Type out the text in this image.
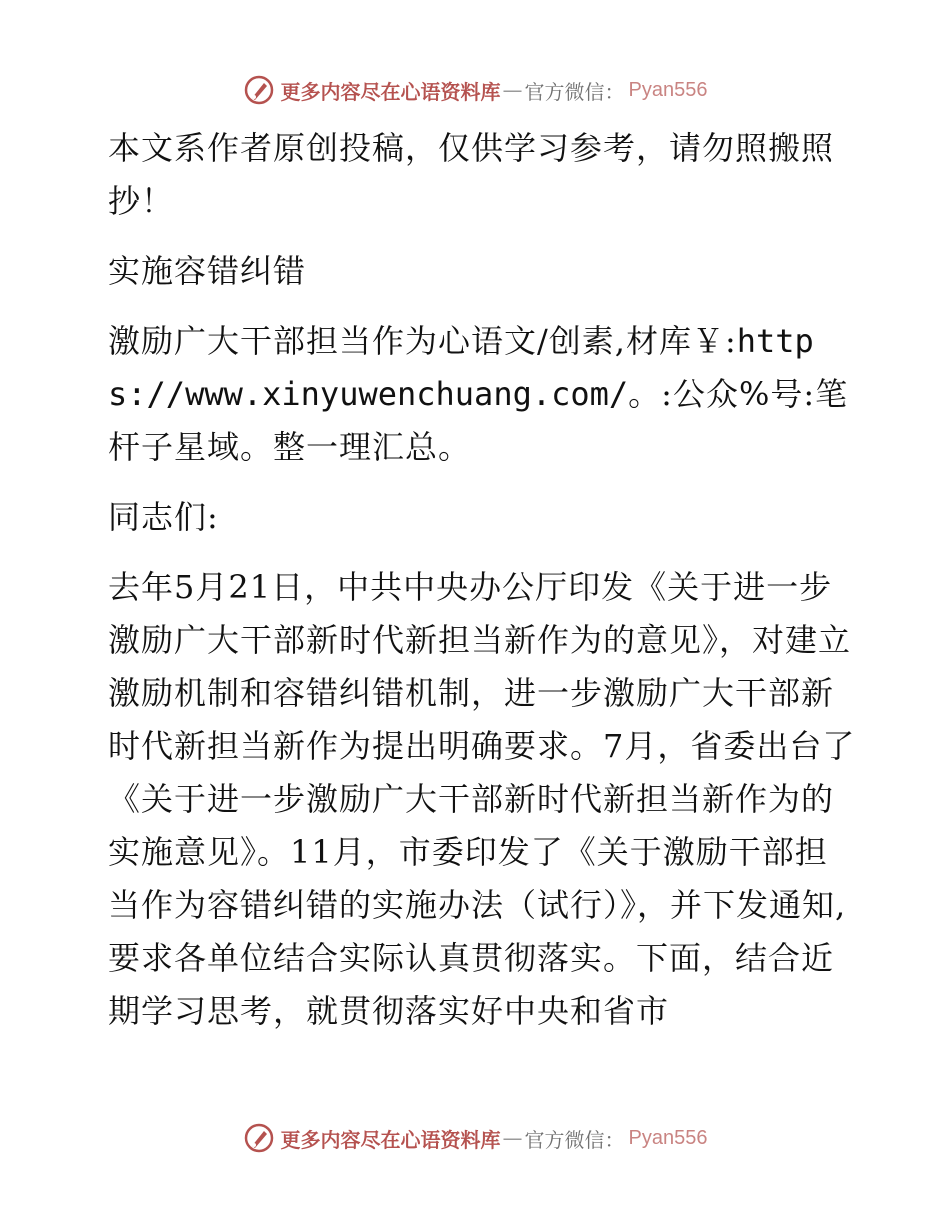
更多内容尽在心语资料库 — 官方微信： Pyan556

本文系作者原创投稿，仅供学习参考，请勿照搬照抄！

实施容错纠错

激励广大干部担当作为心语文/创素,材库￥:https://www.xinyuwenchuang.com/。:公众%号:笔杆子星域。整一理汇总。

同志们:

去年5月21日，中共中央办公厅印发《关于进一步激励广大干部新时代新担当新作为的意见》，对建立激励机制和容错纠错机制，进一步激励广大干部新时代新担当新作为提出明确要求。7月，省委出台了《关于进一步激励广大干部新时代新担当新作为的实施意见》。11月，市委印发了《关于激励干部担当作为容错纠错的实施办法（试行）》，并下发通知,要求各单位结合实际认真贯彻落实。下面，结合近期学习思考，就贯彻落实好中央和省市

更多内容尽在心语资料库 — 官方微信： Pyan556
